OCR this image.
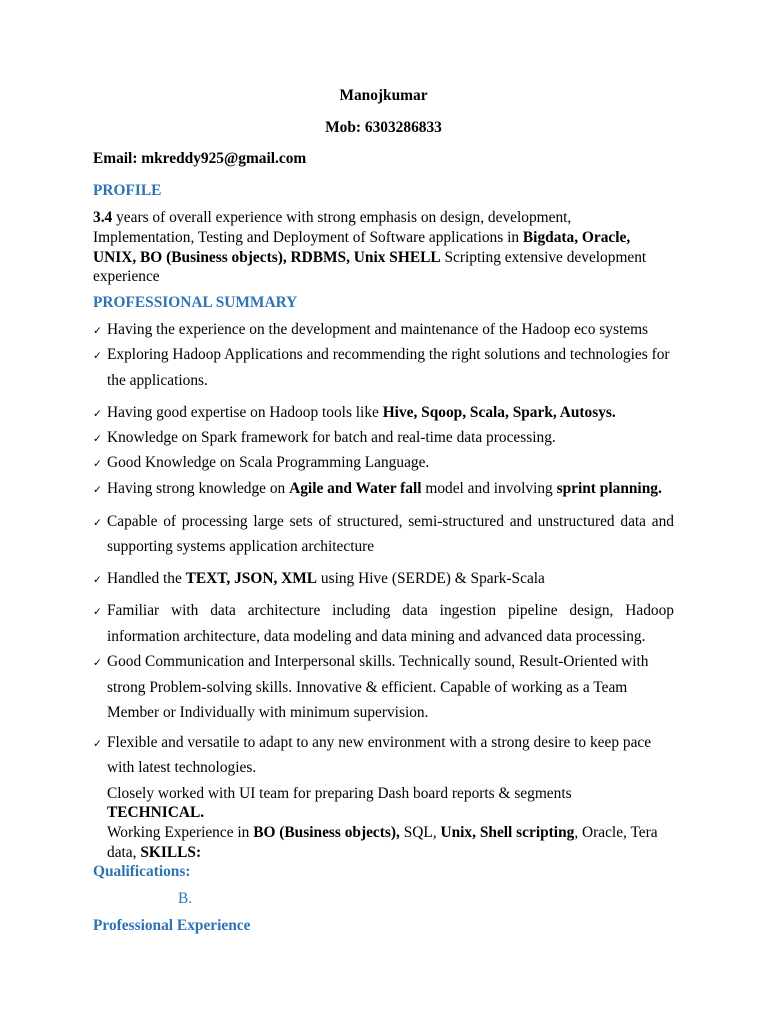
Manojkumar
Mob: 6303286833
Email: mkreddy925@gmail.com
PROFILE
3.4 years of overall experience with strong emphasis on design, development,
Implementation, Testing and Deployment of Software applications in Bigdata, Oracle,
UNIX, BO (Business objects), RDBMS, Unix SHELL Scripting extensive development
experience
PROFESSIONAL SUMMARY
✓Having the experience on the development and maintenance of the Hadoop eco systems
✓Exploring Hadoop Applications and recommending the right solutions and technologies for
the applications.
✓Having good expertise on Hadoop tools like Hive, Sqoop, Scala, Spark, Autosys.
✓Knowledge on Spark framework for batch and real-time data processing.
✓Good Knowledge on Scala Programming Language.
✓Having strong knowledge on Agile and Water fall model and involving sprint planning.
✓Capable of processing large sets of structured, semi-structured and unstructured data and
supporting systems application architecture
✓Handled the TEXT, JSON, XML using Hive (SERDE) & Spark-Scala
✓Familiar with data architecture including data ingestion pipeline design, Hadoop
information architecture, data modeling and data mining and advanced data processing.
✓Good Communication and Interpersonal skills. Technically sound, Result-Oriented with
strong Problem-solving skills. Innovative & efficient. Capable of working as a Team
Member or Individually with minimum supervision.
✓Flexible and versatile to adapt to any new environment with a strong desire to keep pace
with latest technologies.
Closely worked with UI team for preparing Dash board reports & segments
TECHNICAL.
Working Experience in BO (Business objects), SQL, Unix, Shell scripting, Oracle, Tera
data, SKILLS:
Qualifications:
B.
Professional Experience
